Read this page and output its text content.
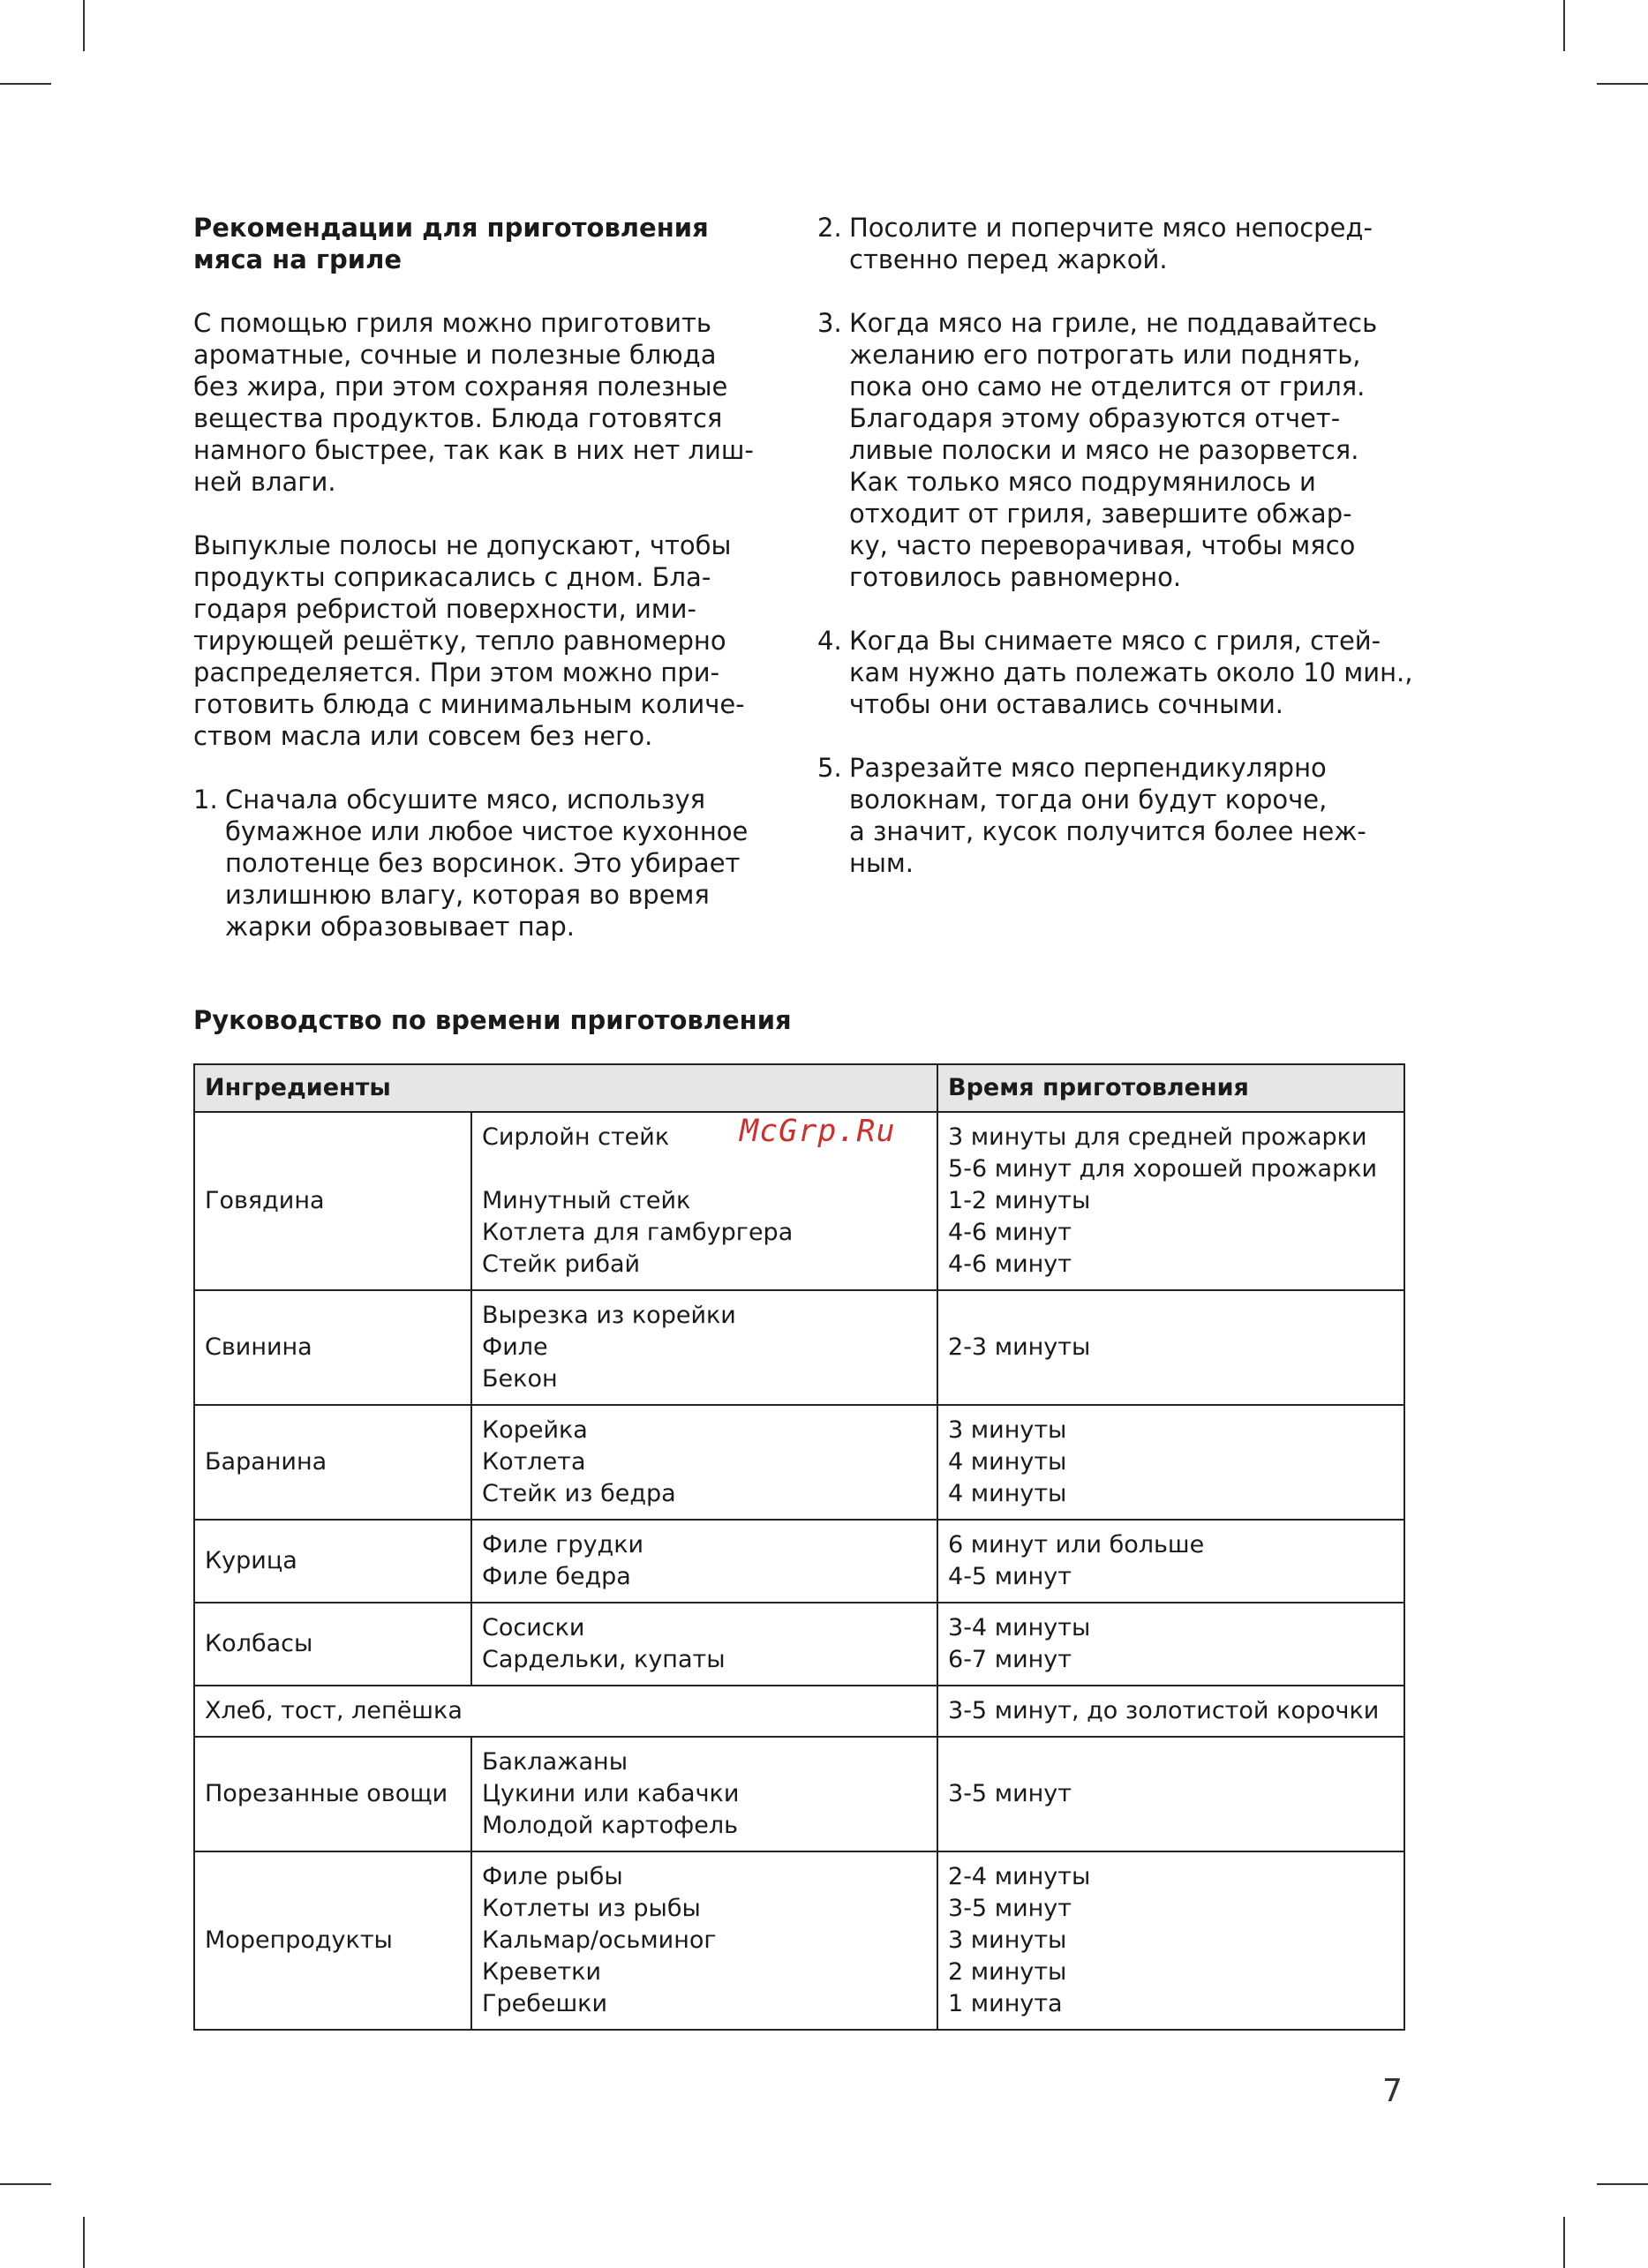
Рекомендации для приготовления
мяса на гриле

С помощью гриля можно приготовить
ароматные, сочные и полезные блюда
без жира, при этом сохраняя полезные
вещества продуктов. Блюда готовятся
намного быстрее, так как в них нет лиш-
ней влаги.

Выпуклые полосы не допускают, чтобы
продукты соприкасались с дном. Бла-
годаря ребристой поверхности, ими-
тирующей решётку, тепло равномерно
распределяется. При этом можно при-
готовить блюда с минимальным количе-
ством масла или совсем без него.

1. Сначала обсушите мясо, используя
бумажное или любое чистое кухонное
полотенце без ворсинок. Это убирает
излишнюю влагу, которая во время
жарки образовывает пар.
2. Посолите и поперчите мясо непосред-
ственно перед жаркой.
3. Когда мясо на гриле, не поддавайтесь
желанию его потрогать или поднять,
пока оно само не отделится от гриля.
Благодаря этому образуются отчет-
ливые полоски и мясо не разорвется.
Как только мясо подрумянилось и
отходит от гриля, завершите обжар-
ку, часто переворачивая, чтобы мясо
готовилось равномерно.
4. Когда Вы снимаете мясо с гриля, стей-
кам нужно дать полежать около 10 мин.,
чтобы они оставались сочными.
5. Разрезайте мясо перпендикулярно
волокнам, тогда они будут короче,
а значит, кусок получится более неж-
ным.
Руководство по времени приготовления
Ингредиенты		Время приготовления
Говядина	Сирлойн стейк
Минутный стейк
Котлета для гамбургера
Стейк рибай	3 минуты для средней прожарки
5-6 минут для хорошей прожарки
1-2 минуты
4-6 минут
4-6 минут

Свинина	Вырезка из корейки
Филе
Бекон	2-3 минуты
Баранина	Корейка
Котлета
Стейк из бедра	3 минуты
4 минуты
4 минуты

Курица	Филе грудки
Филе бедра	6 минут или больше
4-5 минут

Колбасы	Сосиски
Сардельки, купаты	3-4 минуты
6-7 минут

Хлеб, тост, лепёшка		3-5 минут, до золотистой корочки
Порезанные овощи	Баклажаны
Цукини или кабачки
Молодой картофель	3-5 минут
Морепродукты	Филе рыбы
Котлеты из рыбы
Кальмар/осьминог
Креветки
Гребешки	2-4 минуты
3-5 минут
3 минуты
2 минуты
1 минута
McGrp.Ru
7
